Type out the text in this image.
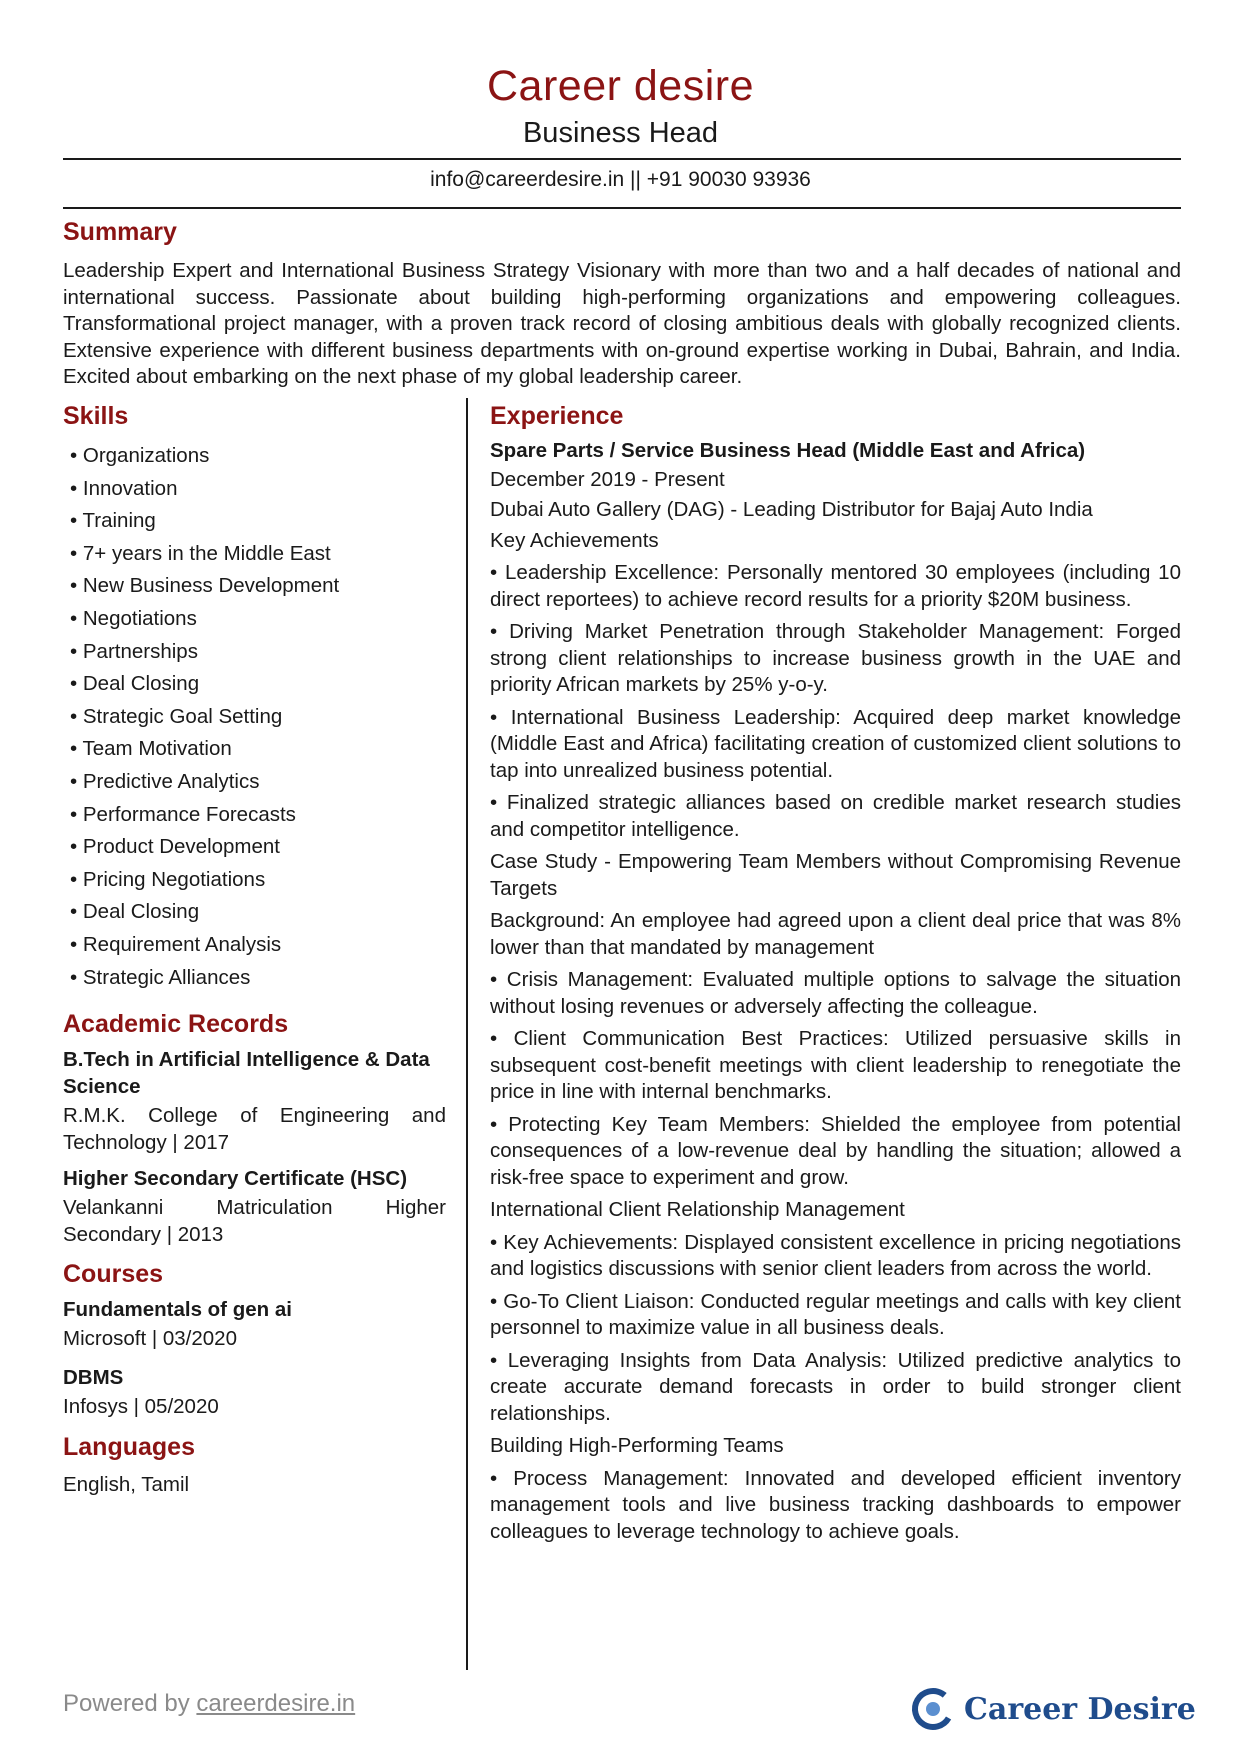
Career desire
Business Head
info@careerdesire.in || +91 90030 93936
Summary

Leadership Expert and International Business Strategy Visionary with more than two and a half decades of national and international success. Passionate about building high-performing organizations and empowering colleagues. Transformational project manager, with a proven track record of closing ambitious deals with globally recognized clients. Extensive experience with different business departments with on-ground expertise working in Dubai, Bahrain, and India. Excited about embarking on the next phase of my global leadership career.

Skills
• Organizations
• Innovation
• Training
• 7+ years in the Middle East
• New Business Development
• Negotiations
• Partnerships
• Deal Closing
• Strategic Goal Setting
• Team Motivation
• Predictive Analytics
• Performance Forecasts
• Product Development
• Pricing Negotiations
• Deal Closing
• Requirement Analysis
• Strategic Alliances
Academic Records
B.Tech in Artificial Intelligence & Data Science
R.M.K. College of Engineering and Technology | 2017
Higher Secondary Certificate (HSC)
Velankanni Matriculation Higher Secondary | 2013
Courses
Fundamentals of gen ai
Microsoft | 03/2020
DBMS
Infosys | 05/2020
Languages
English, Tamil
Experience
Spare Parts / Service Business Head (Middle East and Africa)
December 2019 - Present
Dubai Auto Gallery (DAG) - Leading Distributor for Bajaj Auto India

Key Achievements

• Leadership Excellence: Personally mentored 30 employees (including 10 direct reportees) to achieve record results for a priority $20M business.

• Driving Market Penetration through Stakeholder Management: Forged strong client relationships to increase business growth in the UAE and priority African markets by 25% y-o-y.

• International Business Leadership: Acquired deep market knowledge (Middle East and Africa) facilitating creation of customized client solutions to tap into unrealized business potential.

• Finalized strategic alliances based on credible market research studies and competitor intelligence.

Case Study - Empowering Team Members without Compromising Revenue Targets

Background: An employee had agreed upon a client deal price that was 8% lower than that mandated by management

• Crisis Management: Evaluated multiple options to salvage the situation without losing revenues or adversely affecting the colleague.

• Client Communication Best Practices: Utilized persuasive skills in subsequent cost-benefit meetings with client leadership to renegotiate the price in line with internal benchmarks.

• Protecting Key Team Members: Shielded the employee from potential consequences of a low-revenue deal by handling the situation; allowed a risk-free space to experiment and grow.

International Client Relationship Management

• Key Achievements: Displayed consistent excellence in pricing negotiations and logistics discussions with senior client leaders from across the world.

• Go-To Client Liaison: Conducted regular meetings and calls with key client personnel to maximize value in all business deals.

• Leveraging Insights from Data Analysis: Utilized predictive analytics to create accurate demand forecasts in order to build stronger client relationships.

Building High-Performing Teams

• Process Management: Innovated and developed efficient inventory management tools and live business tracking dashboards to empower colleagues to leverage technology to achieve goals.

Powered by careerdesire.in	Career Desire
